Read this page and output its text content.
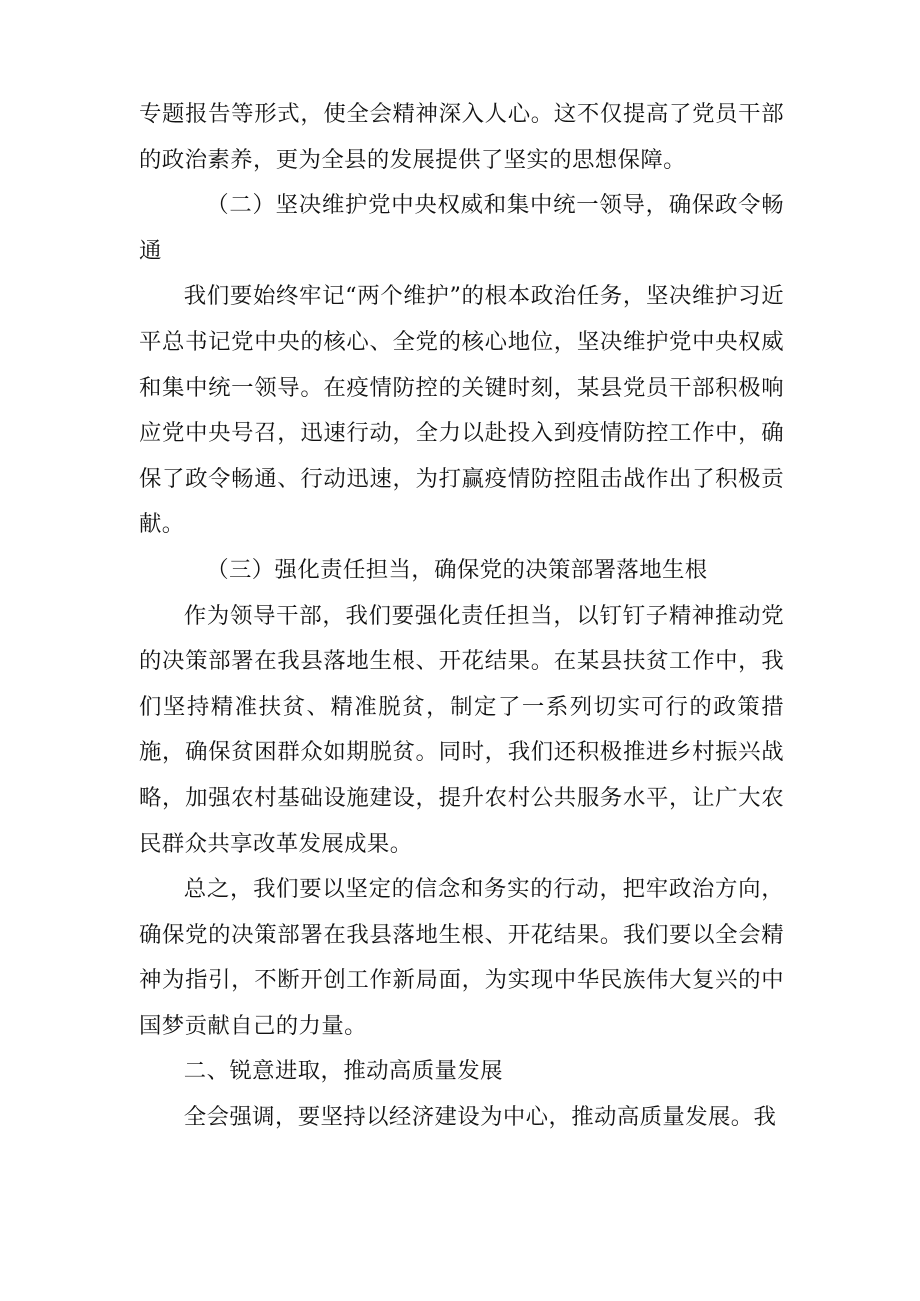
专题报告等形式，使全会精神深入人心。这不仅提高了党员干部的政治素养，更为全县的发展提供了坚实的思想保障。

（二）坚决维护党中央权威和集中统一领导，确保政令畅通

我们要始终牢记“两个维护”的根本政治任务，坚决维护习近平总书记党中央的核心、全党的核心地位，坚决维护党中央权威和集中统一领导。在疫情防控的关键时刻，某县党员干部积极响应党中央号召，迅速行动，全力以赴投入到疫情防控工作中，确保了政令畅通、行动迅速，为打赢疫情防控阻击战作出了积极贡献。

（三）强化责任担当，确保党的决策部署落地生根

作为领导干部，我们要强化责任担当，以钉钉子精神推动党的决策部署在我县落地生根、开花结果。在某县扶贫工作中，我们坚持精准扶贫、精准脱贫，制定了一系列切实可行的政策措施，确保贫困群众如期脱贫。同时，我们还积极推进乡村振兴战略，加强农村基础设施建设，提升农村公共服务水平，让广大农民群众共享改革发展成果。

总之，我们要以坚定的信念和务实的行动，把牢政治方向，确保党的决策部署在我县落地生根、开花结果。我们要以全会精神为指引，不断开创工作新局面，为实现中华民族伟大复兴的中国梦贡献自己的力量。

二、锐意进取，推动高质量发展

全会强调，要坚持以经济建设为中心，推动高质量发展。我
